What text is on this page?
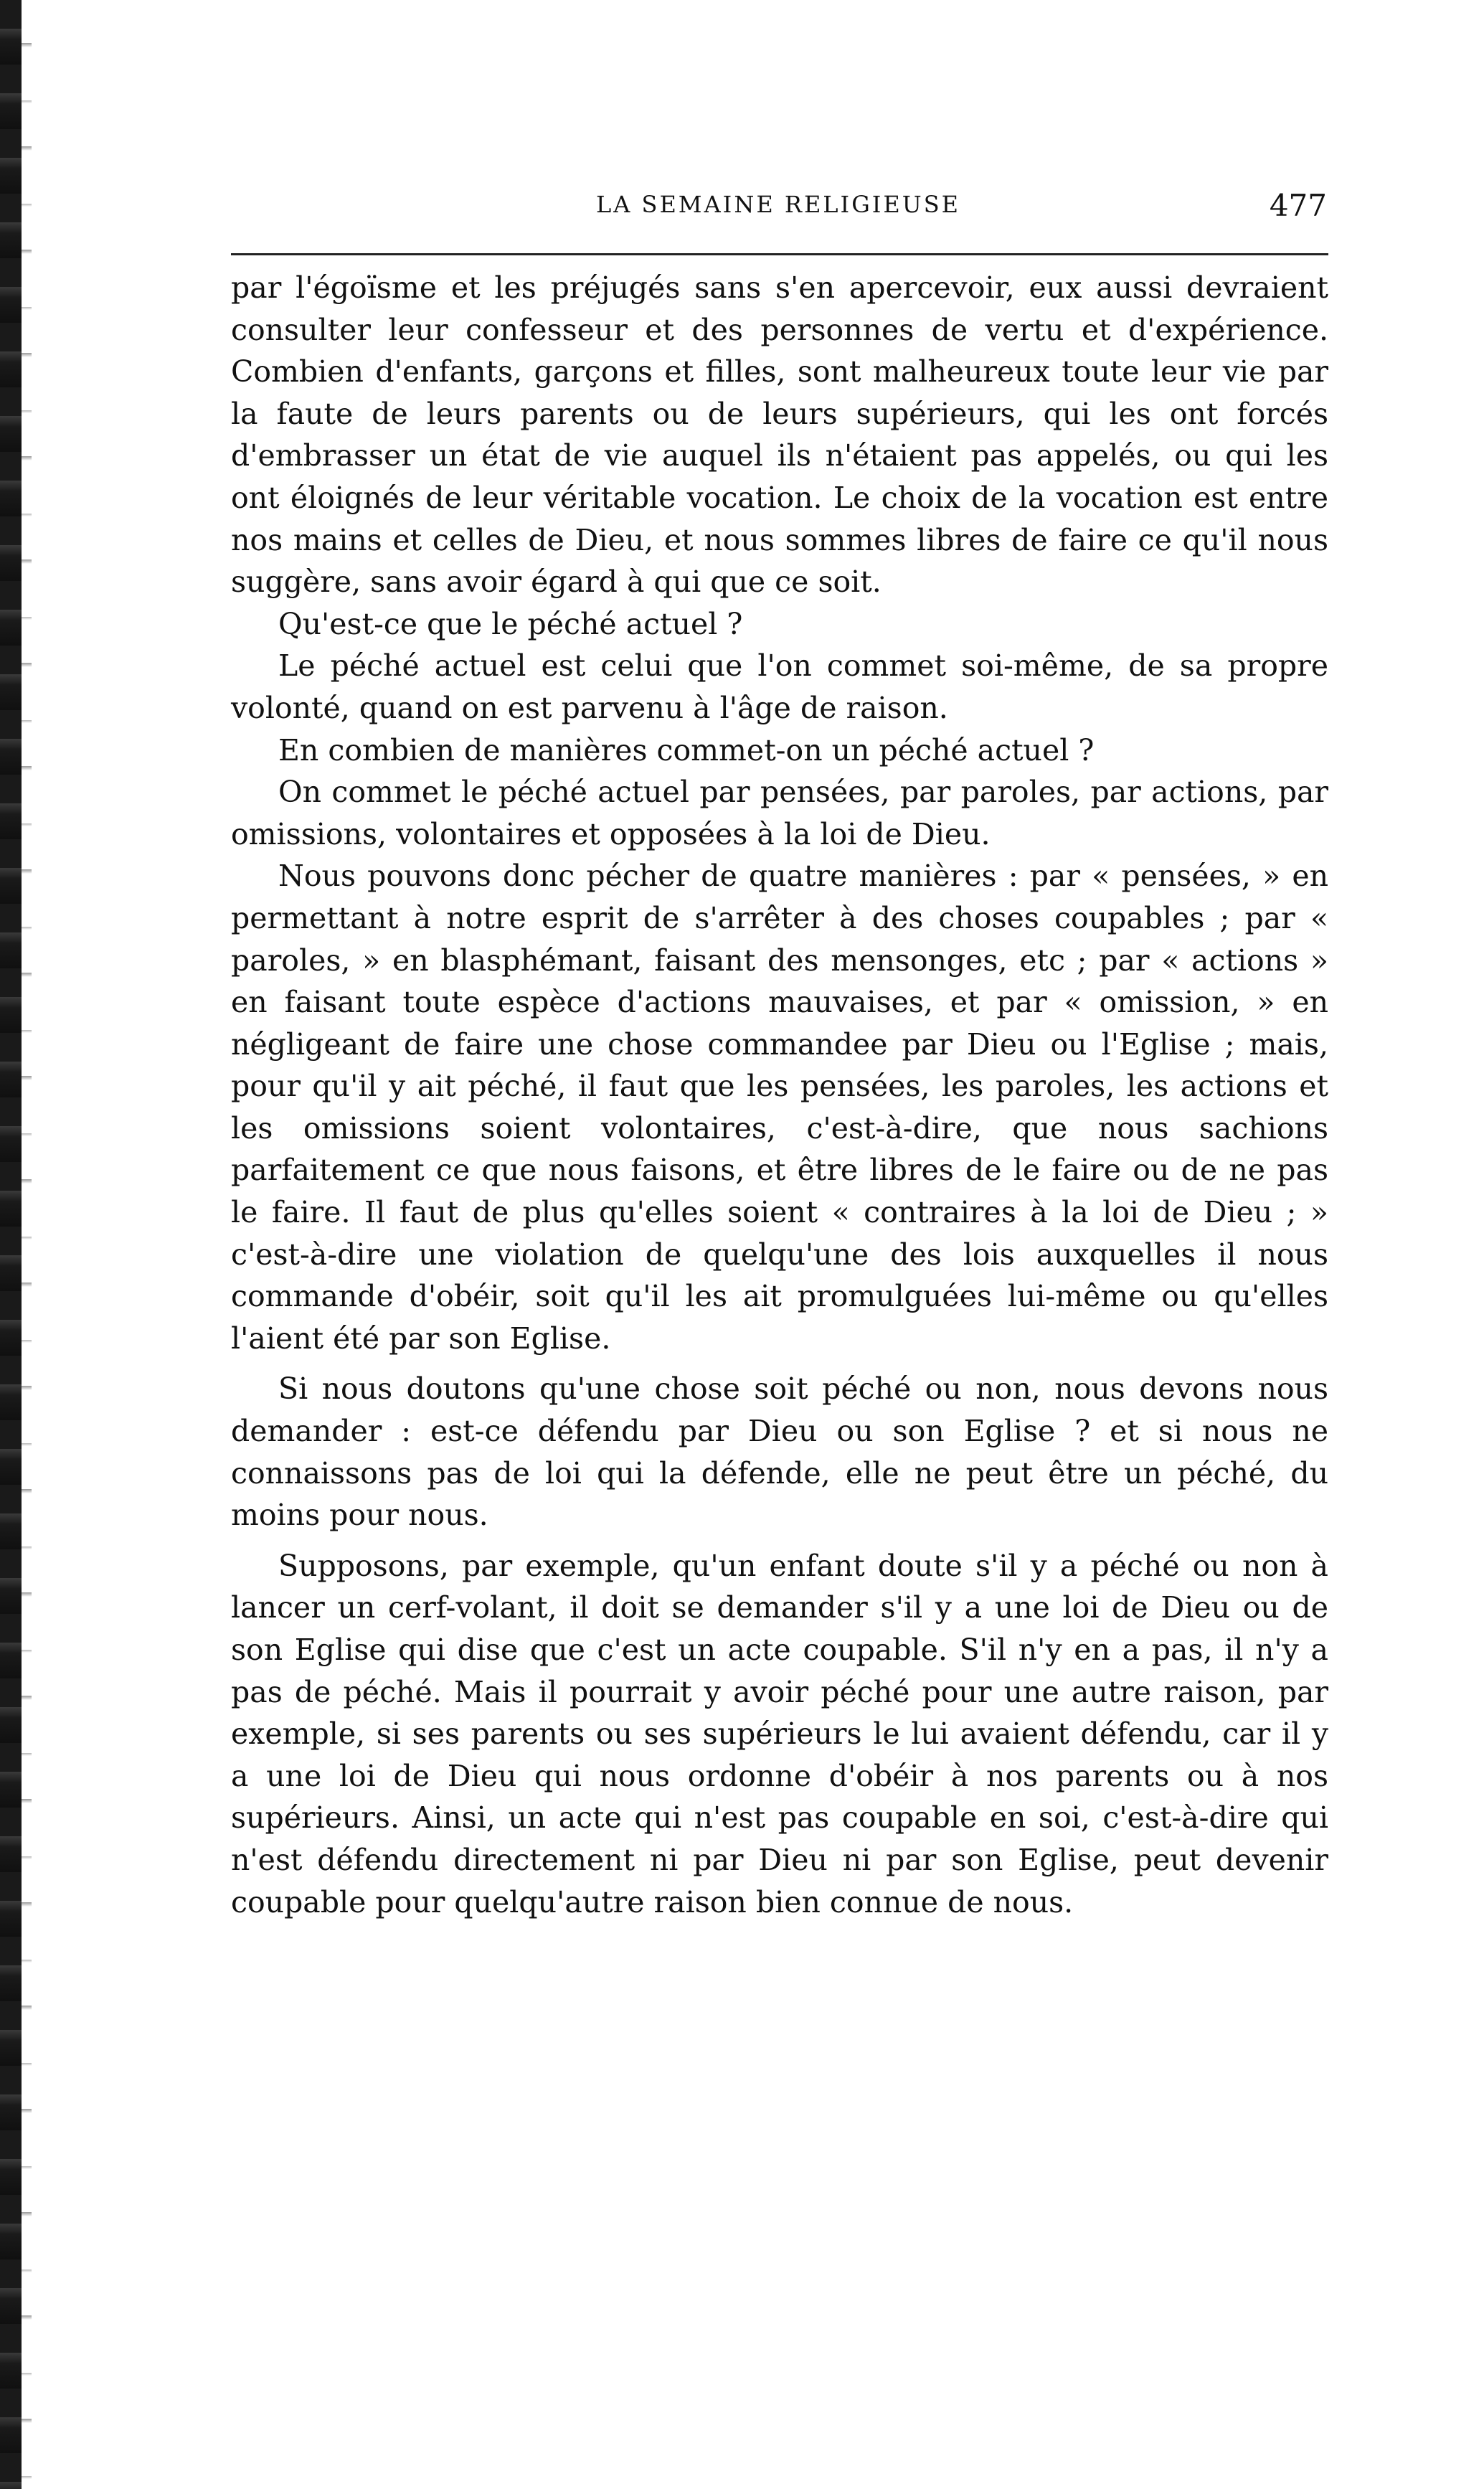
LA SEMAINE RELIGIEUSE	477

par l'égoïsme et les préjugés sans s'en apercevoir, eux aussi devraient consulter leur confesseur et des personnes de vertu et d'expérience. Combien d'enfants, garçons et filles, sont malheureux toute leur vie par la faute de leurs parents ou de leurs supérieurs, qui les ont forcés d'embrasser un état de vie auquel ils n'étaient pas appelés, ou qui les ont éloignés de leur véritable vocation. Le choix de la vocation est entre nos mains et celles de Dieu, et nous sommes libres de faire ce qu'il nous suggère, sans avoir égard à qui que ce soit.

Qu'est-ce que le péché actuel ?

Le péché actuel est celui que l'on commet soi-même, de sa propre volonté, quand on est parvenu à l'âge de raison.

En combien de manières commet-on un péché actuel ?

On commet le péché actuel par pensées, par paroles, par actions, par omissions, volontaires et opposées à la loi de Dieu.

Nous pouvons donc pécher de quatre manières : par « pensées, » en permettant à notre esprit de s'arrêter à des choses coupables ; par « paroles, » en blasphémant, faisant des mensonges, etc ; par « actions » en faisant toute espèce d'actions mauvaises, et par « omission, » en négligeant de faire une chose commandee par Dieu ou l'Eglise ; mais, pour qu'il y ait péché, il faut que les pensées, les paroles, les actions et les omissions soient volontaires, c'est-à-dire, que nous sachions parfaitement ce que nous faisons, et être libres de le faire ou de ne pas le faire. Il faut de plus qu'elles soient « contraires à la loi de Dieu ; » c'est-à-dire une violation de quelqu'une des lois auxquelles il nous commande d'obéir, soit qu'il les ait promulguées lui-même ou qu'elles l'aient été par son Eglise.

Si nous doutons qu'une chose soit péché ou non, nous devons nous demander : est-ce défendu par Dieu ou son Eglise ? et si nous ne connaissons pas de loi qui la défende, elle ne peut être un péché, du moins pour nous.

Supposons, par exemple, qu'un enfant doute s'il y a péché ou non à lancer un cerf-volant, il doit se demander s'il y a une loi de Dieu ou de son Eglise qui dise que c'est un acte coupable. S'il n'y en a pas, il n'y a pas de péché. Mais il pourrait y avoir péché pour une autre raison, par exemple, si ses parents ou ses supérieurs le lui avaient défendu, car il y a une loi de Dieu qui nous ordonne d'obéir à nos parents ou à nos supérieurs. Ainsi, un acte qui n'est pas coupable en soi, c'est-à-dire qui n'est défendu directement ni par Dieu ni par son Eglise, peut devenir coupable pour quelqu'autre raison bien connue de nous.
